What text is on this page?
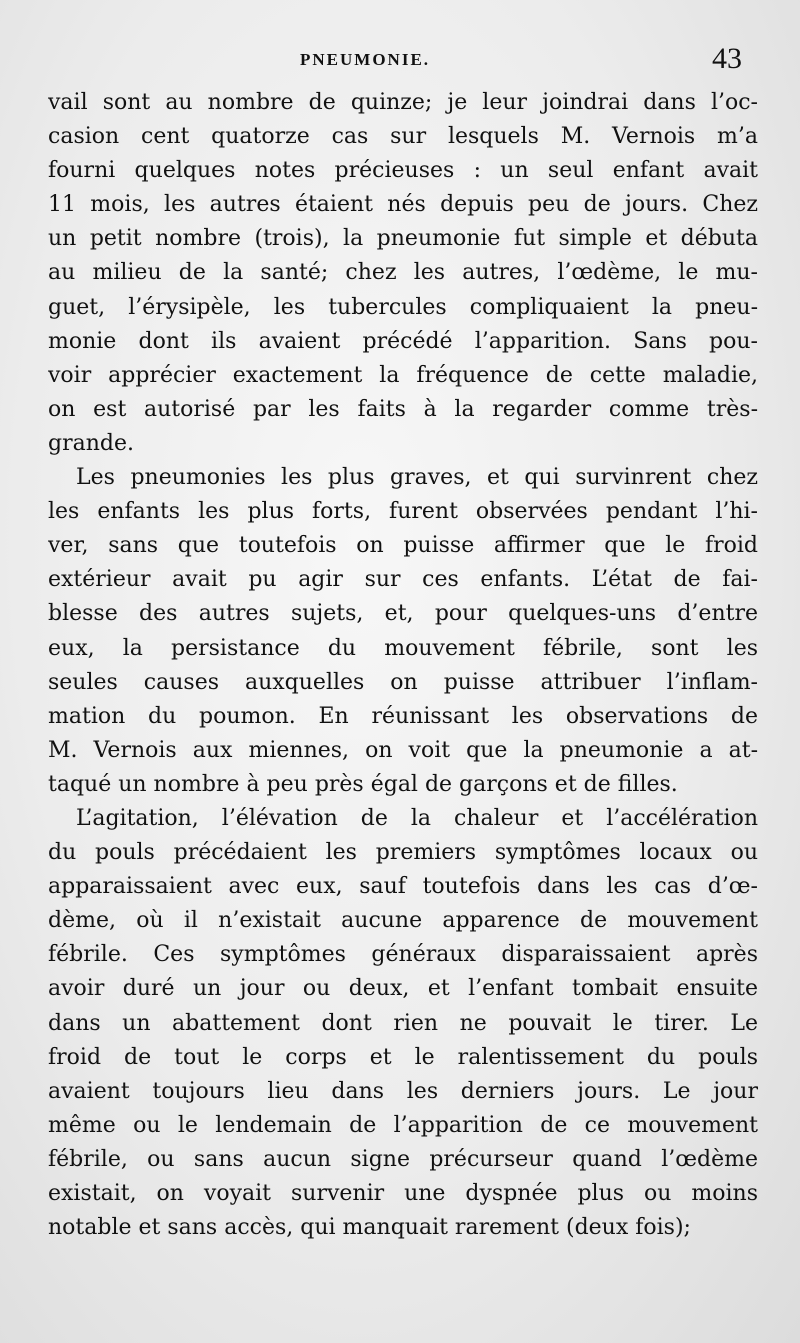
PNEUMONIE.	43
vail sont au nombre de quinze; je leur joindrai dans l’oc-
casion cent quatorze cas sur lesquels M. Vernois m’a
fourni quelques notes précieuses : un seul enfant avait
11 mois, les autres étaient nés depuis peu de jours. Chez
un petit nombre (trois), la pneumonie fut simple et débuta
au milieu de la santé; chez les autres, l’œdème, le mu-
guet, l’érysipèle, les tubercules compliquaient la pneu-
monie dont ils avaient précédé l’apparition. Sans pou-
voir apprécier exactement la fréquence de cette maladie,
on est autorisé par les faits à la regarder comme très-
grande.
Les pneumonies les plus graves, et qui survinrent chez
les enfants les plus forts, furent observées pendant l’hi-
ver, sans que toutefois on puisse affirmer que le froid
extérieur avait pu agir sur ces enfants. L’état de fai-
blesse des autres sujets, et, pour quelques-uns d’entre
eux, la persistance du mouvement fébrile, sont les
seules causes auxquelles on puisse attribuer l’inflam-
mation du poumon. En réunissant les observations de
M. Vernois aux miennes, on voit que la pneumonie a at-
taqué un nombre à peu près égal de garçons et de filles.
L’agitation, l’élévation de la chaleur et l’accélération
du pouls précédaient les premiers symptômes locaux ou
apparaissaient avec eux, sauf toutefois dans les cas d’œ-
dème, où il n’existait aucune apparence de mouvement
fébrile. Ces symptômes généraux disparaissaient après
avoir duré un jour ou deux, et l’enfant tombait ensuite
dans un abattement dont rien ne pouvait le tirer. Le
froid de tout le corps et le ralentissement du pouls
avaient toujours lieu dans les derniers jours. Le jour
même ou le lendemain de l’apparition de ce mouvement
fébrile, ou sans aucun signe précurseur quand l’œdème
existait, on voyait survenir une dyspnée plus ou moins
notable et sans accès, qui manquait rarement (deux fois);
